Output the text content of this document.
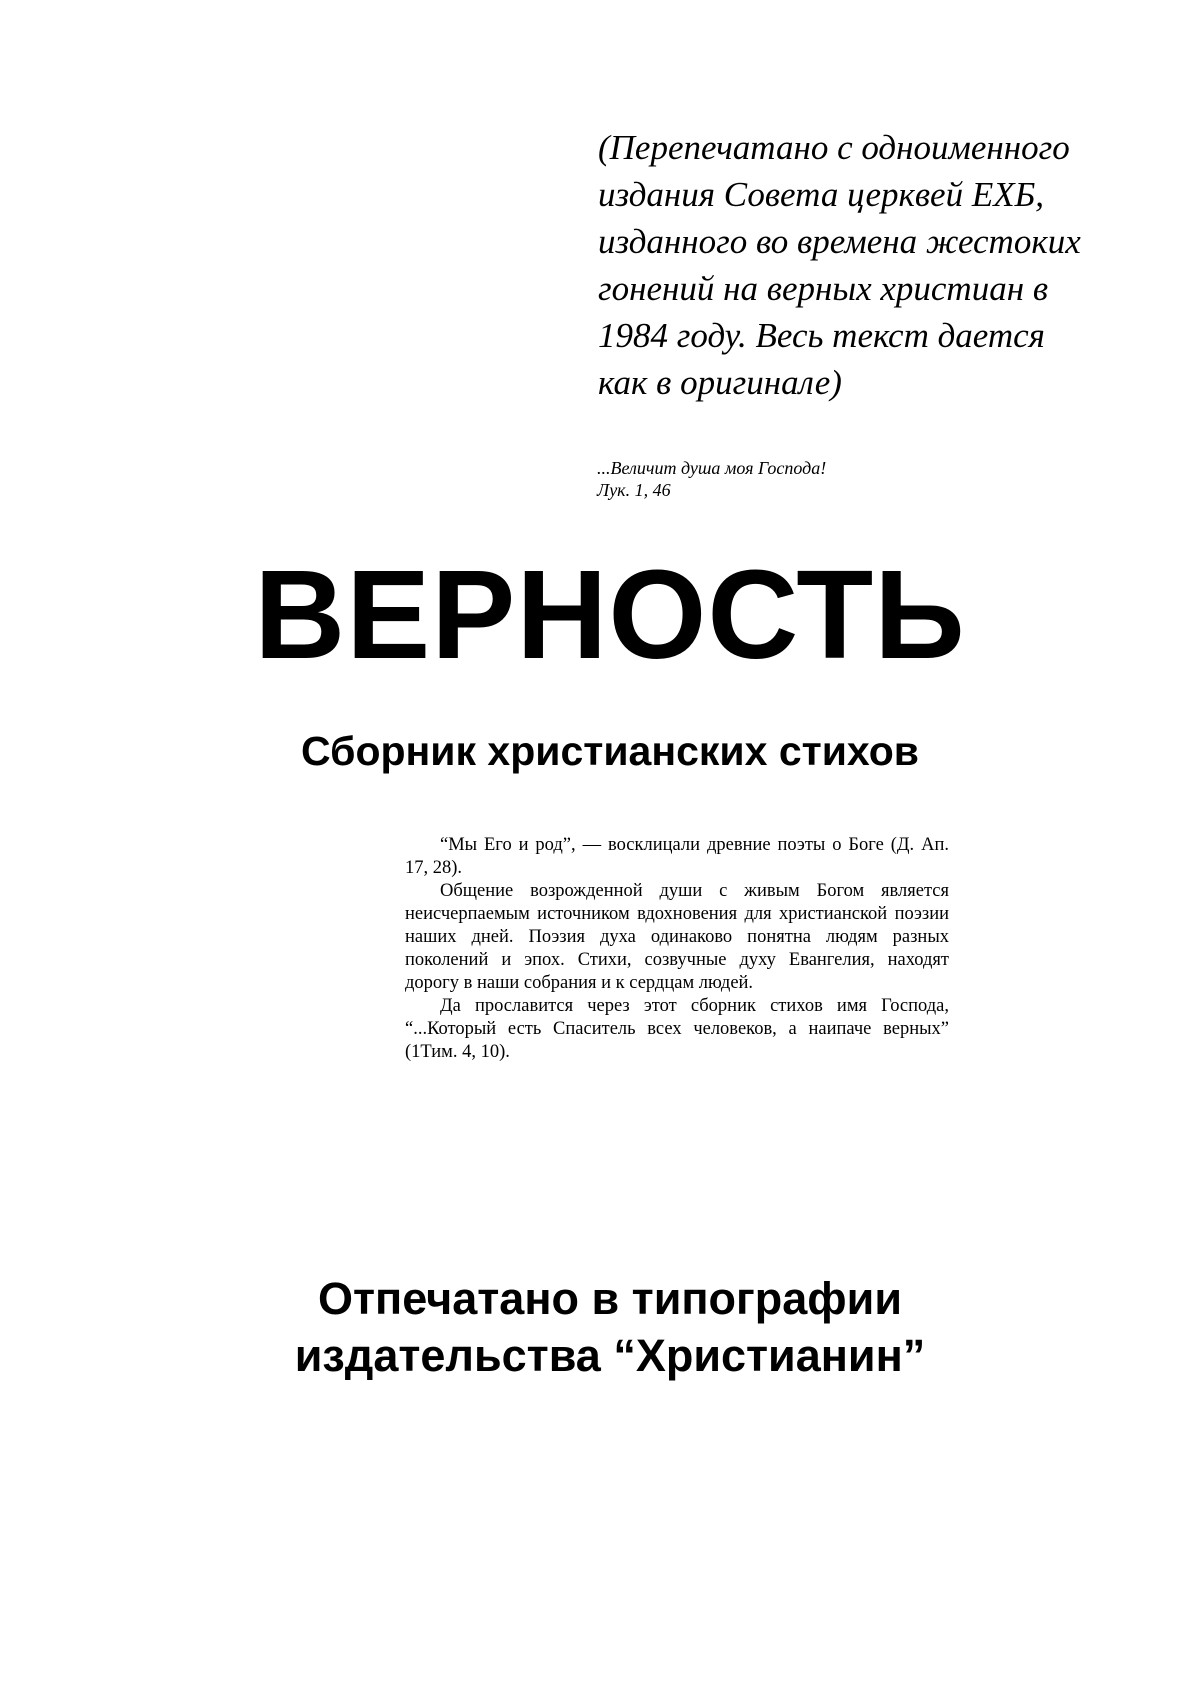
(Перепечатано с одноименного
издания Совета церквей ЕХБ,
изданного во времена жестоких
гонений на верных христиан в
1984 году. Весь текст дается
как в оригинале)
...Величит душа моя Господа!
Лук. 1, 46
ВЕРНОСТЬ
Сборник христианских стихов

“Мы Его и род”, — восклицали древние поэты о Боге (Д. Ап. 17, 28).

Общение возрожденной души с живым Богом является неисчерпаемым источником вдохновения для христианской поэзии наших дней. Поэзия духа одинаково понятна людям разных поколений и эпох. Стихи, созвучные духу Евангелия, находят дорогу в наши собрания и к сердцам людей.

Да прославится через этот сборник стихов имя Господа, “...Который есть Спаситель всех человеков, а наипаче верных” (1Тим. 4, 10).

Отпечатано в типографии
издательства “Христианин”
